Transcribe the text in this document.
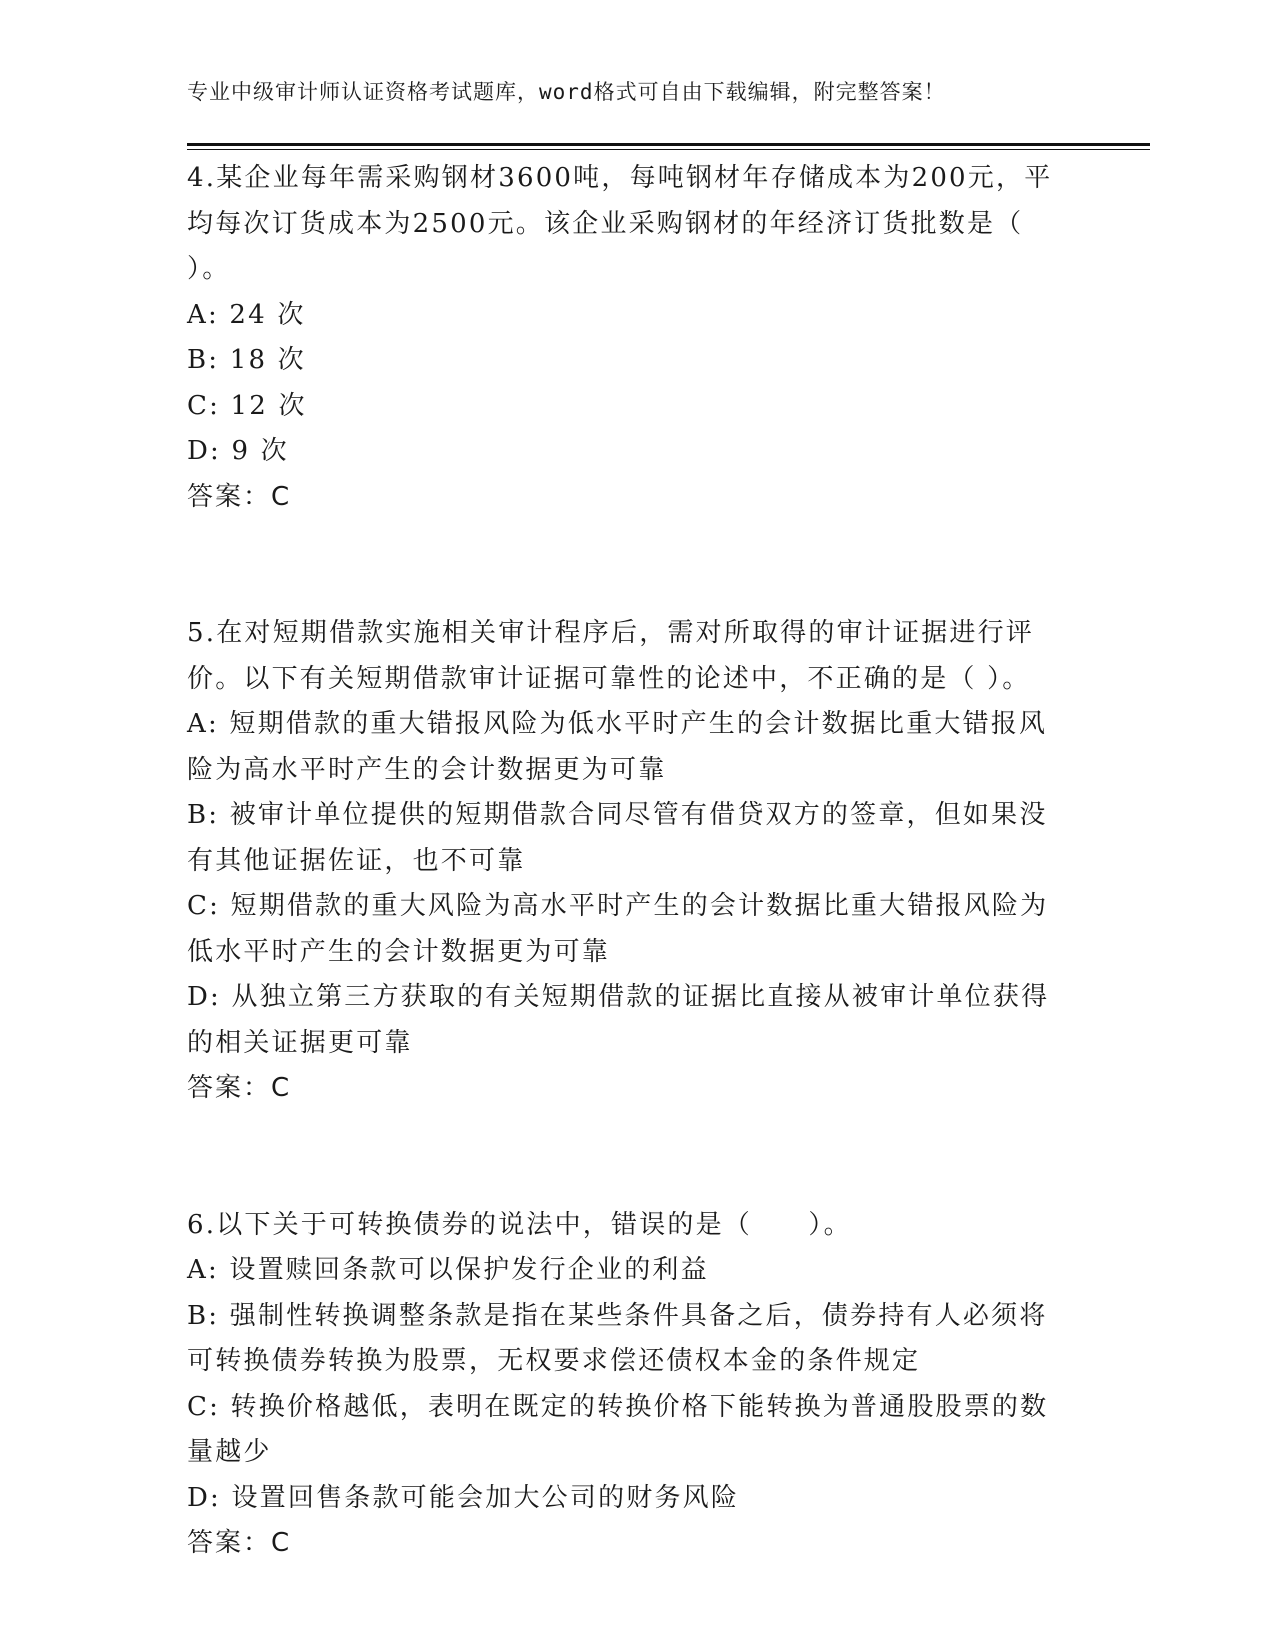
专业中级审计师认证资格考试题库，word格式可自由下载编辑，附完整答案！
4.某企业每年需采购钢材3600吨，每吨钢材年存储成本为200元，平
均每次订货成本为2500元。该企业采购钢材的年经济订货批数是（
）。
A: 24 次
B: 18 次
C: 12 次
D: 9 次
答案：C
5.在对短期借款实施相关审计程序后，需对所取得的审计证据进行评
价。以下有关短期借款审计证据可靠性的论述中，不正确的是（ ）。
A: 短期借款的重大错报风险为低水平时产生的会计数据比重大错报风
险为高水平时产生的会计数据更为可靠
B: 被审计单位提供的短期借款合同尽管有借贷双方的签章，但如果没
有其他证据佐证，也不可靠
C: 短期借款的重大风险为高水平时产生的会计数据比重大错报风险为
低水平时产生的会计数据更为可靠
D: 从独立第三方获取的有关短期借款的证据比直接从被审计单位获得
的相关证据更可靠
答案：C
6.以下关于可转换债券的说法中，错误的是（　　）。
A: 设置赎回条款可以保护发行企业的利益
B: 强制性转换调整条款是指在某些条件具备之后，债券持有人必须将
可转换债券转换为股票，无权要求偿还债权本金的条件规定
C: 转换价格越低，表明在既定的转换价格下能转换为普通股股票的数
量越少
D: 设置回售条款可能会加大公司的财务风险
答案：C
